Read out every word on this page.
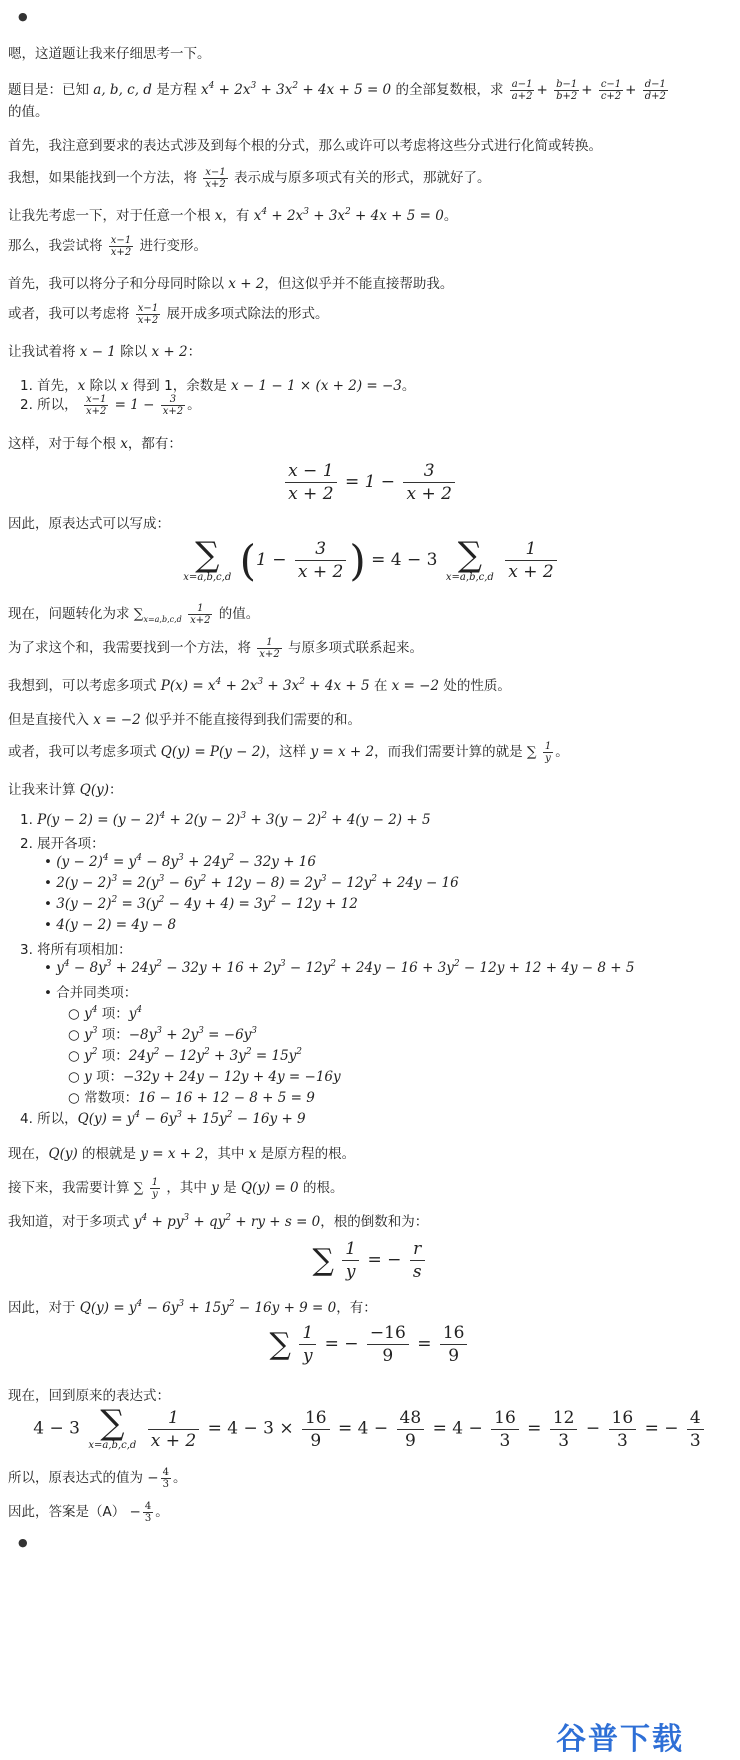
●
嗯，这道题让我来仔细思考一下。
题目是：已知 a, b, c, d 是方程 $x^4 + 2x^3 + 3x^2 + 4x + 5 = 0$ 的全部复数根，求 $\frac{a-1}{a+2} + \frac{b-1}{b+2} + \frac{c-1}{c+2} + \frac{d-1}{d+2}$
的值。
首先，我注意到要求的表达式涉及到每个根的分式，那么或许可以考虑将这些分式进行化简或转换。
我想，如果能找到一个方法，将 $\frac{x-1}{x+2}$ 表示成与原多项式有关的形式，那就好了。
让我先考虑一下，对于任意一个根 x，有 $x^4 + 2x^3 + 3x^2 + 4x + 5 = 0$。
那么，我尝试将 $\frac{x-1}{x+2}$ 进行变形。
首先，我可以将分子和分母同时除以 x + 2，但这似乎并不能直接帮助我。
或者，我可以考虑将 $\frac{x-1}{x+2}$ 展开成多项式除法的形式。
让我试着将 x − 1 除以 x + 2：
1. 首先，x 除以 x 得到 1，余数是 x − 1 − 1 × (x + 2) = −3。
2. 所以， $\frac{x-1}{x+2} = 1 - \frac{3}{x+2}$ 。
这样，对于每个根 x，都有：
$\frac{x - 1}{x + 2} = 1 - \frac{3}{x + 2}$
因此，原表达式可以写成：
∑
x=a,b,c,d ($1 - \frac{3}{x + 2}$ ) = 4 − 3 ∑
x=a,b,c,d
$\frac{1}{x + 2}$
现在，问题转化为求 $\sum_{x=a,b,c,d} \frac{1}{x+2}$ 的值。
为了求这个和，我需要找到一个方法，将 $\frac{1}{x+2}$ 与原多项式联系起来。
我想到，可以考虑多项式 $P(x) = x^4 + 2x^3 + 3x^2 + 4x + 5$ 在 x = −2 处的性质。
但是直接代入 x = −2 似乎并不能直接得到我们需要的和。
或者，我可以考虑多项式 Q(y) = P(y − 2)，这样 y = x + 2，而我们需要计算的就是 ∑ $\frac{1}{y}$ 。
让我来计算 Q(y)：
1. $P(y - 2) = (y - 2)^4 + 2(y - 2)^3 + 3(y - 2)^2 + 4(y - 2) + 5$
2. 展开各项：
• $(y - 2)^4 = y^4 - 8y^3 + 24y^2 - 32y + 16$
• $2(y - 2)^3 = 2(y^3 - 6y^2 + 12y - 8) = 2y^3 - 12y^2 + 24y - 16$
• $3(y - 2)^2 = 3(y^2 - 4y + 4) = 3y^2 - 12y + 12$
• 4(y − 2) = 4y − 8
3. 将所有项相加：
• $y^4 - 8y^3 + 24y^2 - 32y + 16 + 2y^3 - 12y^2 + 24y - 16 + 3y^2 - 12y + 12 + 4y - 8 + 5$
• 合并同类项：
○ $y^4$ 项：$y^4$
○ $y^3$ 项：$-8y^3 + 2y^3 = -6y^3$
○ $y^2$ 项：$24y^2 - 12y^2 + 3y^2 = 15y^2$
○ y 项：−32y + 24y − 12y + 4y = −16y
○ 常数项：16 − 16 + 12 − 8 + 5 = 9
4. 所以，$Q(y) = y^4 - 6y^3 + 15y^2 - 16y + 9$
现在，Q(y) 的根就是 y = x + 2，其中 x 是原方程的根。
接下来，我需要计算 ∑ $\frac{1}{y}$ ，其中 y 是 Q(y) = 0 的根。
我知道，对于多项式 $y^4 + py^3 + qy^2$ + ry + s = 0，根的倒数和为：
∑ $\frac{1}{y}$ = − $\frac{r}{s}$
因此，对于 $Q(y) = y^4 - 6y^3 + 15y^2 - 16y + 9 = 0$，有：
∑ $\frac{1}{y}$ = − $\frac{-16}{9} = \frac{16}{9}$
现在，回到原来的表达式：
4 − 3 ∑
x=a,b,c,d
$\frac{1}{x + 2} = 4 - 3 \times \frac{16}{9} = 4 - \frac{48}{9} = 4 - \frac{16}{3} = \frac{12}{3} - \frac{16}{3}$ = − $\frac{4}{3}$
所以，原表达式的值为 − $\frac{4}{3}$ 。
因此，答案是$(A) - \frac{4}{3}$ 。
●
谷普下载
